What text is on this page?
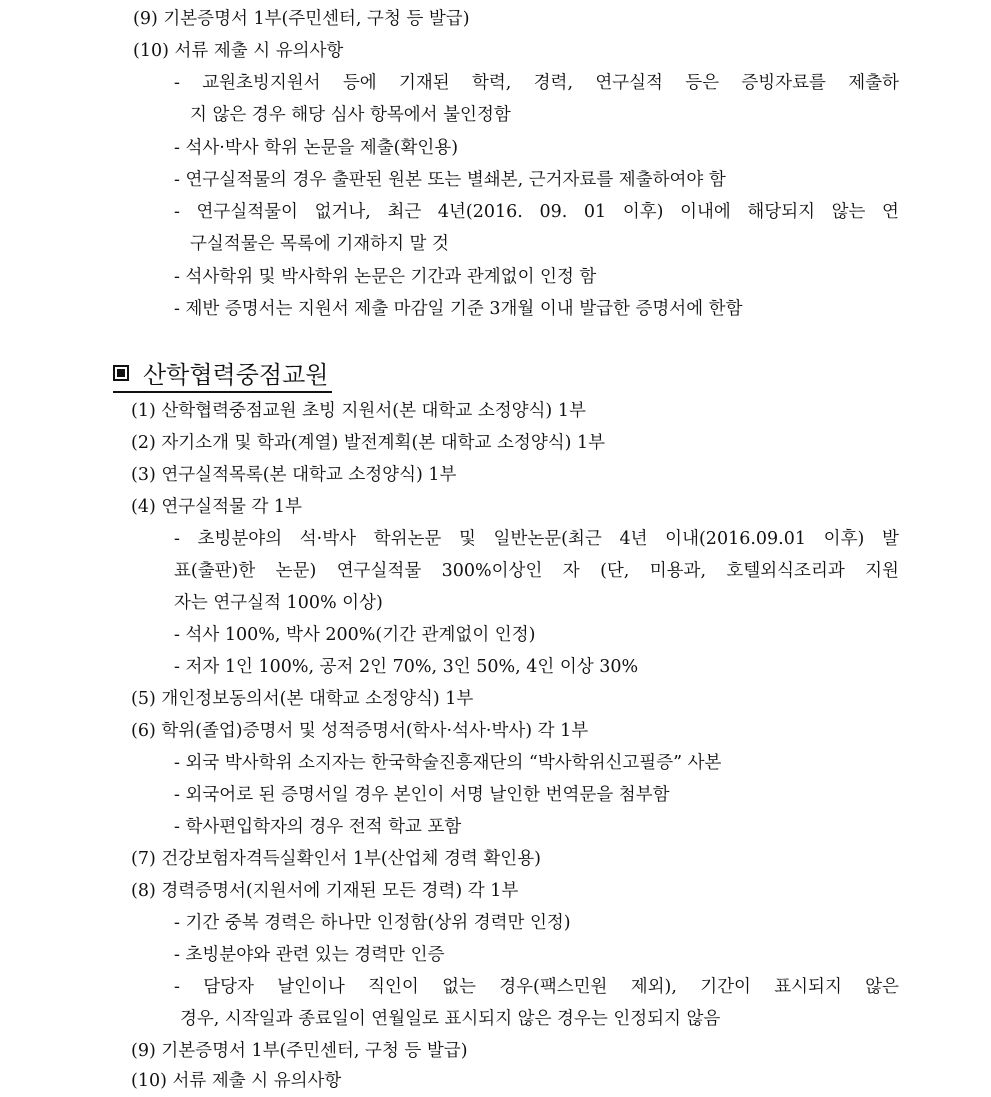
(9) 기본증명서 1부(주민센터, 구청 등 발급)
(10) 서류 제출 시 유의사항
- 교원초빙지원서 등에 기재된 학력, 경력, 연구실적 등은 증빙자료를 제출하
지 않은 경우 해당 심사 항목에서 불인정함
- 석사·박사 학위 논문을 제출(확인용)
- 연구실적물의 경우 출판된 원본 또는 별쇄본, 근거자료를 제출하여야 함
- 연구실적물이 없거나, 최근 4년(2016. 09. 01 이후) 이내에 해당되지 않는 연
구실적물은 목록에 기재하지 말 것
- 석사학위 및 박사학위 논문은 기간과 관계없이 인정 함
- 제반 증명서는 지원서 제출 마감일 기준 3개월 이내 발급한 증명서에 한함
산학협력중점교원
(1) 산학협력중점교원 초빙 지원서(본 대학교 소정양식) 1부
(2) 자기소개 및 학과(계열) 발전계획(본 대학교 소정양식) 1부
(3) 연구실적목록(본 대학교 소정양식) 1부
(4) 연구실적물 각 1부
- 초빙분야의 석·박사 학위논문 및 일반논문(최근 4년 이내(2016.09.01 이후) 발
표(출판)한 논문) 연구실적물 300%이상인 자 (단, 미용과, 호텔외식조리과 지원
자는 연구실적 100% 이상)
- 석사 100%, 박사 200%(기간 관계없이 인정)
- 저자 1인 100%, 공저 2인 70%, 3인 50%, 4인 이상 30%
(5) 개인정보동의서(본 대학교 소정양식) 1부
(6) 학위(졸업)증명서 및 성적증명서(학사·석사·박사) 각 1부
- 외국 박사학위 소지자는 한국학술진흥재단의 “박사학위신고필증” 사본
- 외국어로 된 증명서일 경우 본인이 서명 날인한 번역문을 첨부함
- 학사편입학자의 경우 전적 학교 포함
(7) 건강보험자격득실확인서 1부(산업체 경력 확인용)
(8) 경력증명서(지원서에 기재된 모든 경력) 각 1부
- 기간 중복 경력은 하나만 인정함(상위 경력만 인정)
- 초빙분야와 관련 있는 경력만 인증
- 담당자 날인이나 직인이 없는 경우(팩스민원 제외), 기간이 표시되지 않은
경우, 시작일과 종료일이 연월일로 표시되지 않은 경우는 인정되지 않음
(9) 기본증명서 1부(주민센터, 구청 등 발급)
(10) 서류 제출 시 유의사항
